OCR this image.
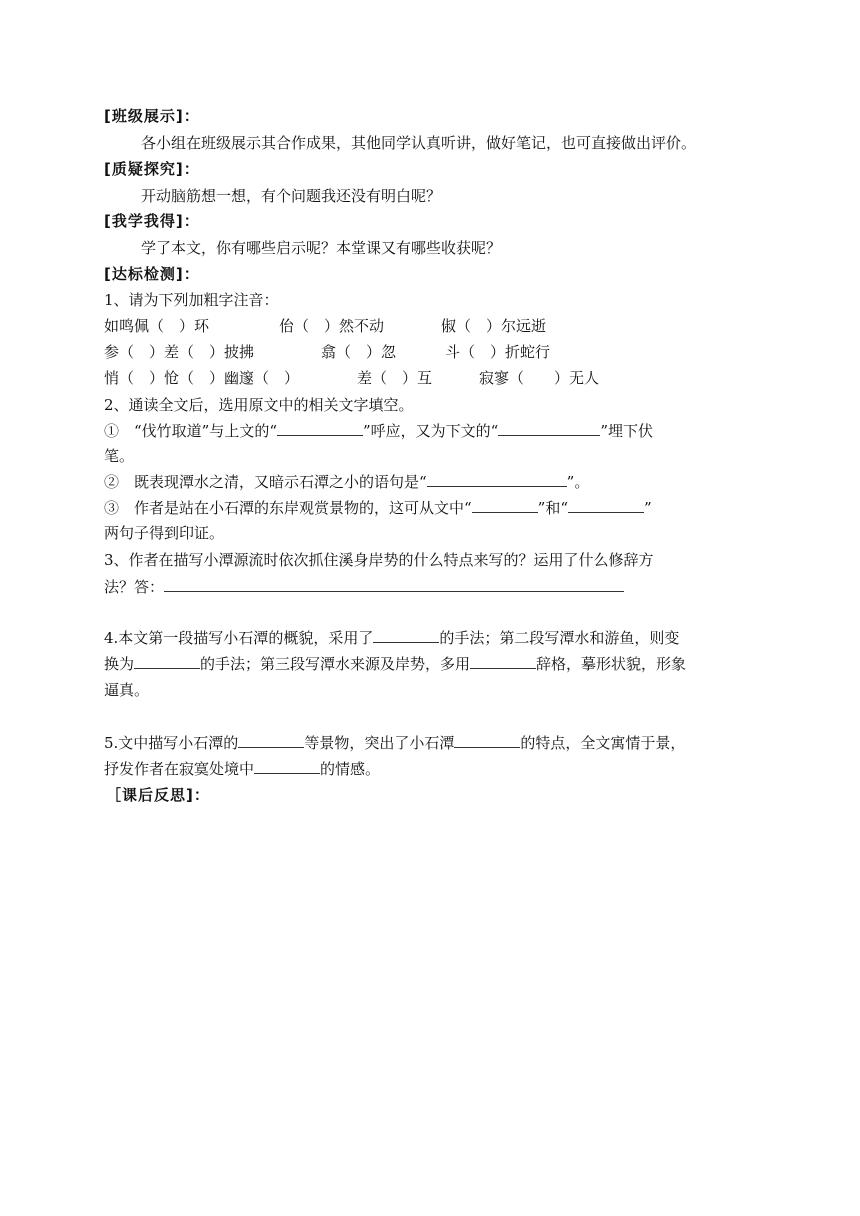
[班级展示]：
各小组在班级展示其合作成果，其他同学认真听讲，做好笔记，也可直接做出评价。
[质疑探究]：
开动脑筋想一想，有个问题我还没有明白呢？
[我学我得]：
学了本文，你有哪些启示呢？本堂课又有哪些收获呢？
[达标检测]：
1、请为下列加粗字注音：
如鸣佩（　）环	佁（　）然不动	俶（　）尔远逝
参（　）差（　）披拂	翕（　）忽	斗（　）折蛇行
悄（　）怆（　）幽邃（　）	差（　）互	寂寥（　　）无人
2、通读全文后，选用原文中的相关文字填空。
①　“伐竹取道”与上文的“	”呼应，又为下文的“	”埋下伏
笔。
②　既表现潭水之清，又暗示石潭之小的语句是“	”。
③　作者是站在小石潭的东岸观赏景物的，这可从文中“	”和“	”
两句子得到印证。
3、作者在描写小潭源流时依次抓住溪身岸势的什么特点来写的？运用了什么修辞方
法？答：
4.本文第一段描写小石潭的概貌，采用了	的手法；第二段写潭水和游鱼，则变
换为	的手法；第三段写潭水来源及岸势，多用	辞格，摹形状貌，形象
逼真。
5.文中描写小石潭的	等景物，突出了小石潭	的特点，全文寓情于景，
抒发作者在寂寞处境中	的情感。
［课后反思]：
